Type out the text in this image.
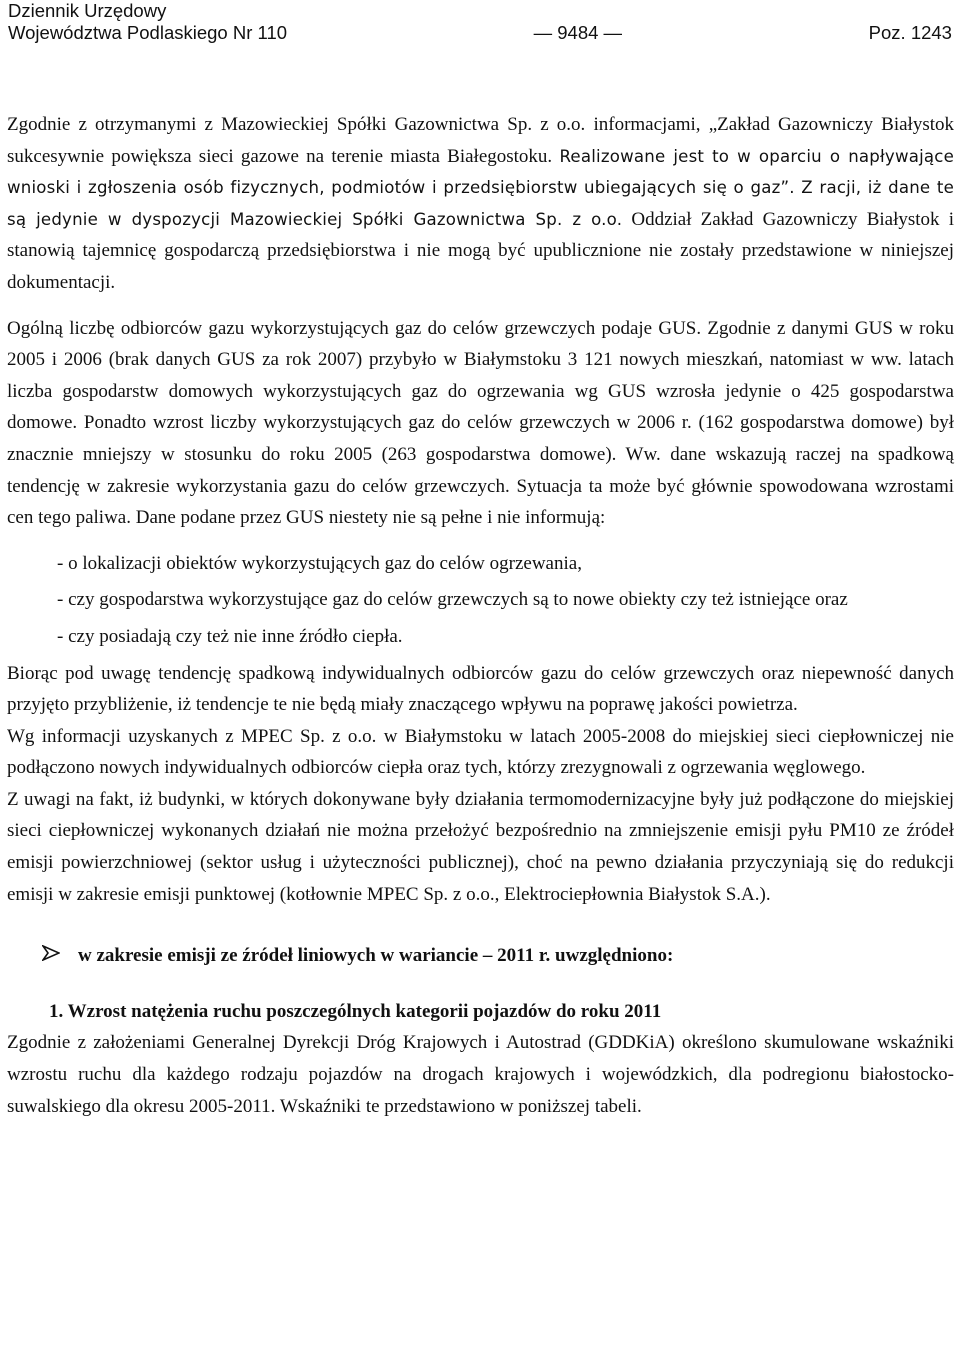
Dziennik Urzędowy
Województwa Podlaskiego Nr 110	— 9484 —	Poz. 1243

Zgodnie z otrzymanymi z Mazowieckiej Spółki Gazownictwa Sp. z o.o. informacjami, „Zakład Gazowniczy Białystok sukcesywnie powiększa sieci gazowe na terenie miasta Białegostoku. Realizowane jest to w oparciu o napływające wnioski i zgłoszenia osób fizycznych, podmiotów i przedsiębiorstw ubiegających się o gaz”. Z racji, iż dane te są jedynie w dyspozycji Mazowieckiej Spółki Gazownictwa Sp. z o.o. Oddział Zakład Gazowniczy Białystok i stanowią tajemnicę gospodarczą przedsiębiorstwa i nie mogą być upublicznione nie zostały przedstawione w niniejszej dokumentacji.

Ogólną liczbę odbiorców gazu wykorzystujących gaz do celów grzewczych podaje GUS. Zgodnie z danymi GUS w roku 2005 i 2006 (brak danych GUS za rok 2007) przybyło w Białymstoku 3 121 nowych mieszkań, natomiast w ww. latach liczba gospodarstw domowych wykorzystujących gaz do ogrzewania wg GUS wzrosła jedynie o 425 gospodarstwa domowe. Ponadto wzrost liczby wykorzystujących gaz do celów grzewczych w 2006 r. (162 gospodarstwa domowe) był znacznie mniejszy w stosunku do roku 2005 (263 gospodarstwa domowe). Ww. dane wskazują raczej na spadkową tendencję w zakresie wykorzystania gazu do celów grzewczych. Sytuacja ta może być głównie spowodowana wzrostami cen tego paliwa. Dane podane przez GUS niestety nie są pełne i nie informują:

- o lokalizacji obiektów wykorzystujących gaz do celów ogrzewania,
- czy gospodarstwa wykorzystujące gaz do celów grzewczych są to nowe obiekty czy też istniejące oraz
- czy posiadają czy też nie inne źródło ciepła.

Biorąc pod uwagę tendencję spadkową indywidualnych odbiorców gazu do celów grzewczych oraz niepewność danych przyjęto przybliżenie, iż tendencje te nie będą miały znaczącego wpływu na poprawę jakości powietrza.

Wg informacji uzyskanych z MPEC Sp. z o.o. w Białymstoku w latach 2005-2008 do miejskiej sieci ciepłowniczej nie podłączono nowych indywidualnych odbiorców ciepła oraz tych, którzy zrezygnowali z ogrzewania węglowego.

Z uwagi na fakt, iż budynki, w których dokonywane były działania termomodernizacyjne były już podłączone do miejskiej sieci ciepłowniczej wykonanych działań nie można przełożyć bezpośrednio na zmniejszenie emisji pyłu PM10 ze źródeł emisji powierzchniowej (sektor usług i użyteczności publicznej), choć na pewno działania przyczyniają się do redukcji emisji w zakresie emisji punktowej (kotłownie MPEC Sp. z o.o., Elektrociepłownia Białystok S.A.).

w zakresie emisji ze źródeł liniowych w wariancie – 2011 r. uwzględniono:
1. Wzrost natężenia ruchu poszczególnych kategorii pojazdów do roku 2011

Zgodnie z założeniami Generalnej Dyrekcji Dróg Krajowych i Autostrad (GDDKiA) określono skumulowane wskaźniki wzrostu ruchu dla każdego rodzaju pojazdów na drogach krajowych i wojewódzkich, dla podregionu białostocko-suwalskiego dla okresu 2005-2011. Wskaźniki te przedstawiono w poniższej tabeli.
